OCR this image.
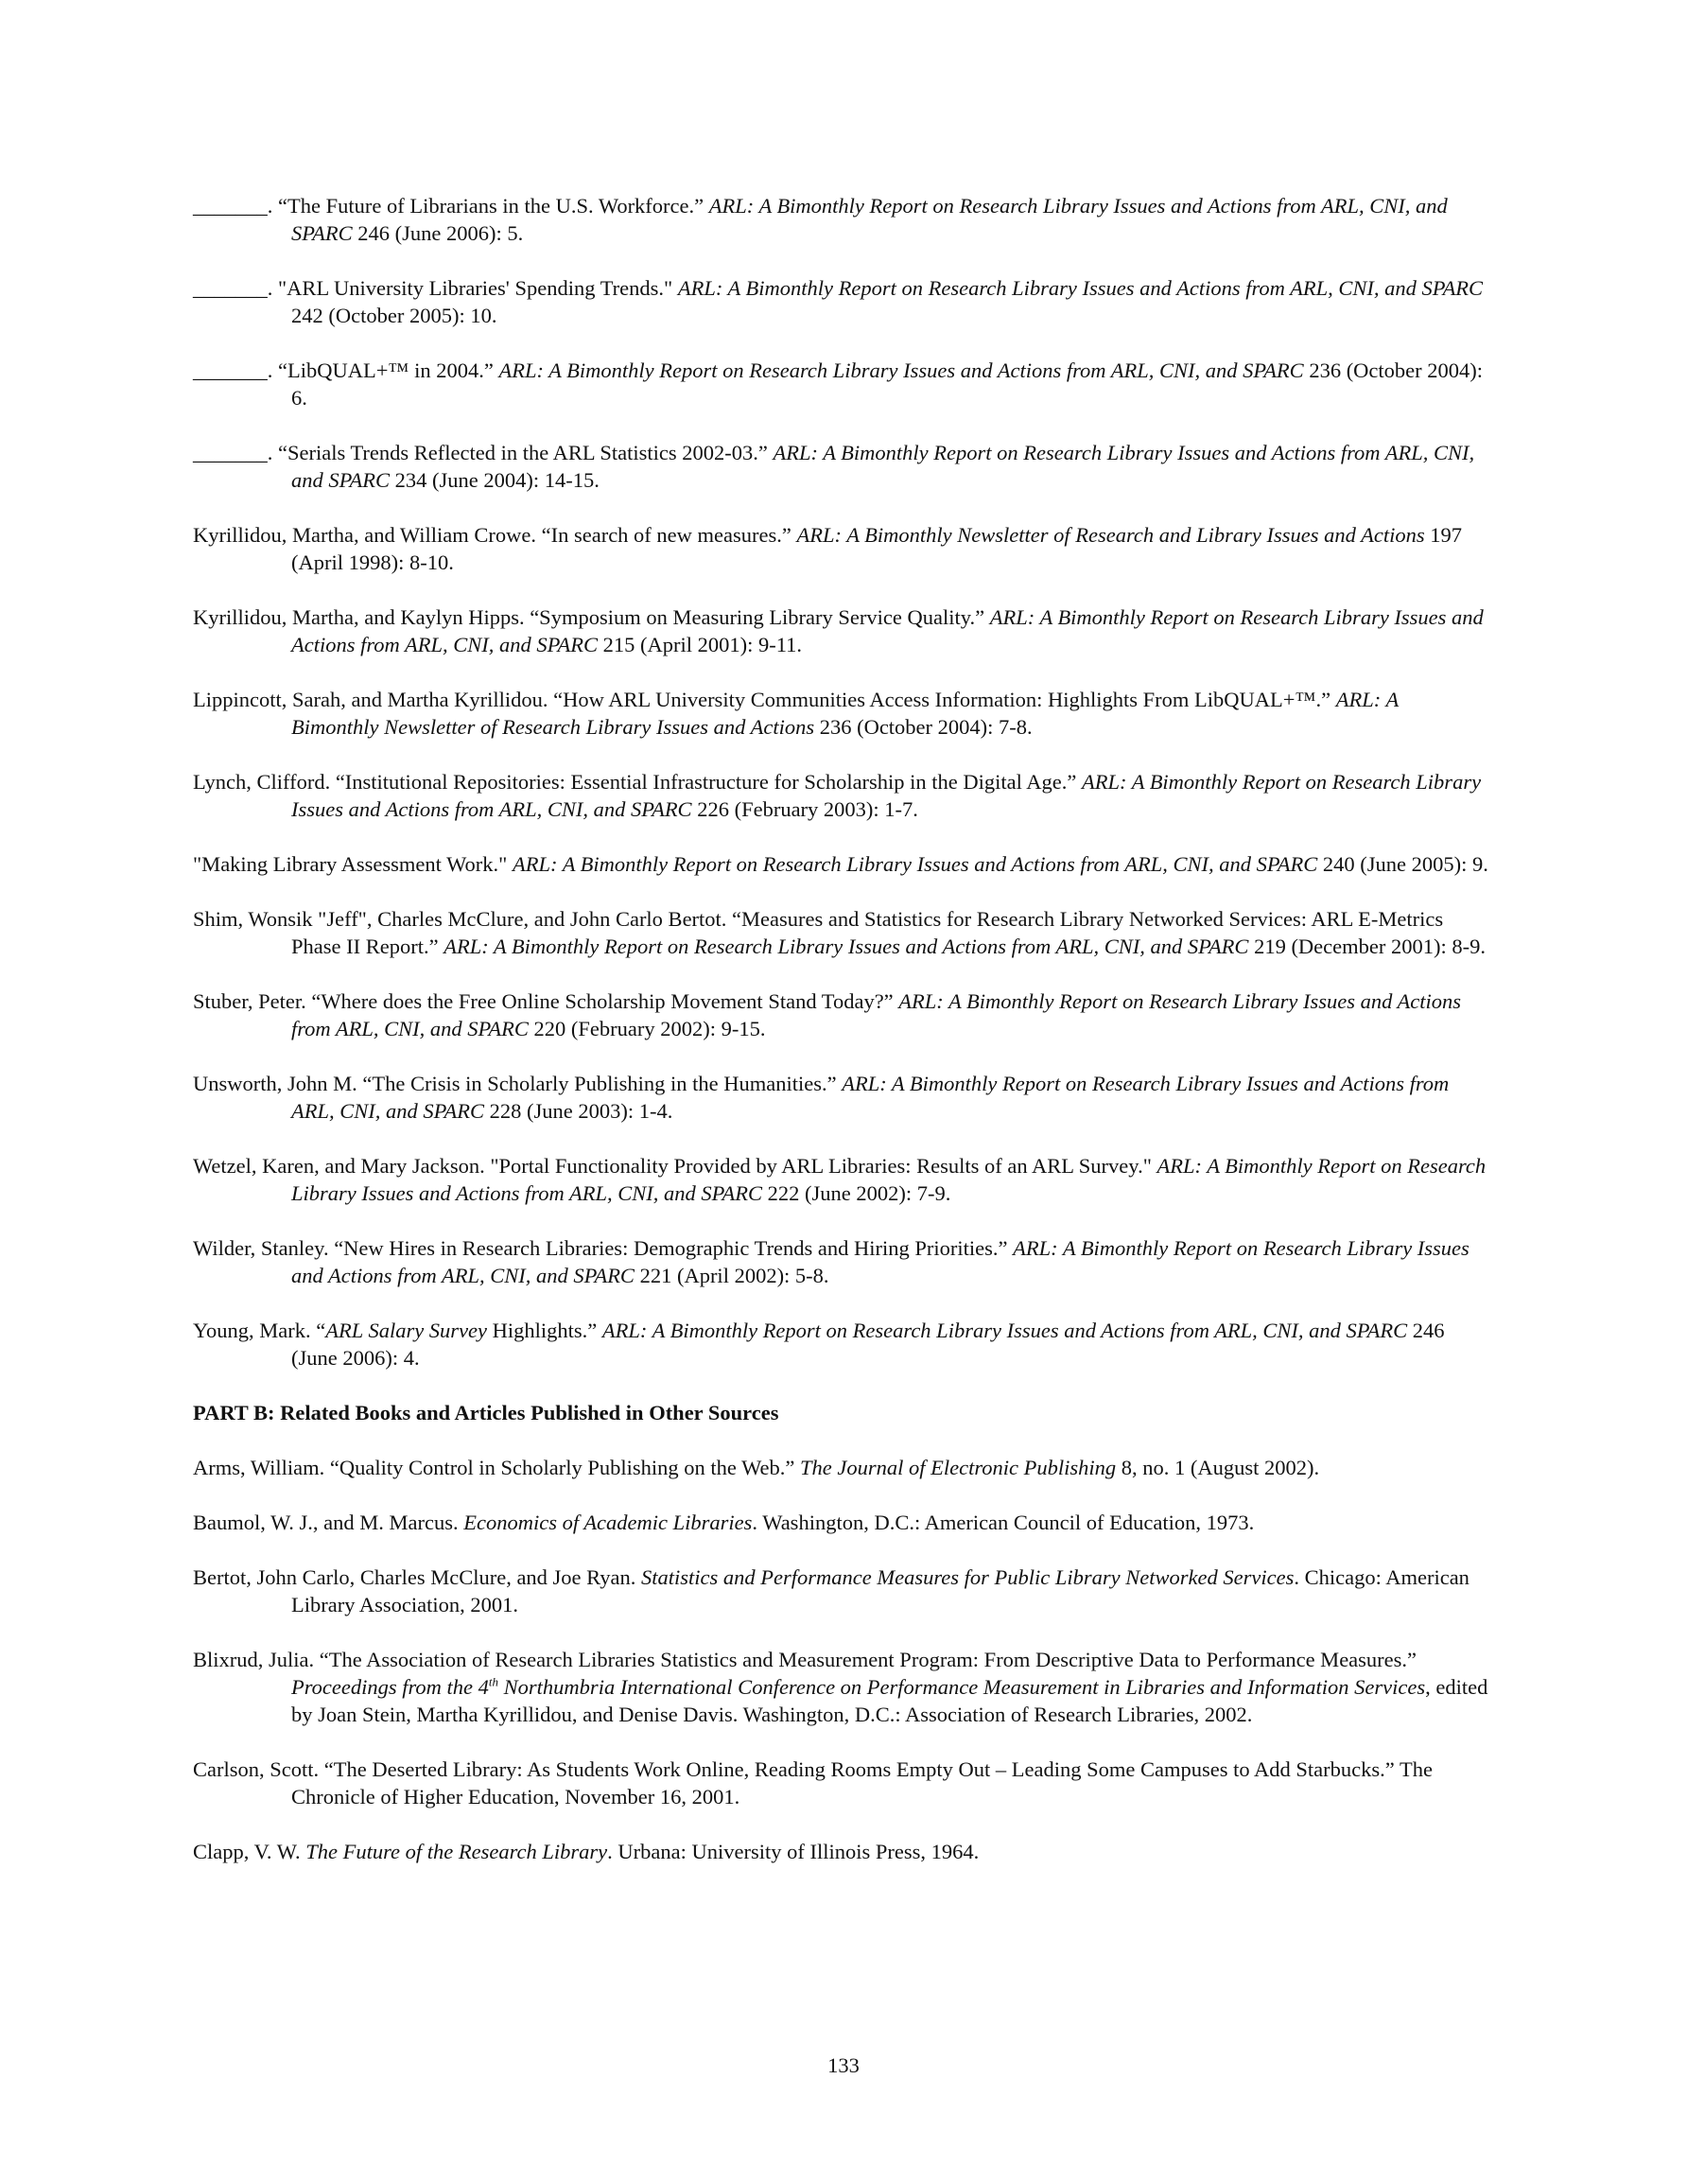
_______. “The Future of Librarians in the U.S. Workforce.” ARL: A Bimonthly Report on Research Library Issues and Actions from ARL, CNI, and SPARC 246 (June 2006): 5.

_______. "ARL University Libraries' Spending Trends." ARL: A Bimonthly Report on Research Library Issues and Actions from ARL, CNI, and SPARC 242 (October 2005): 10.

_______. “LibQUAL+™ in 2004.” ARL: A Bimonthly Report on Research Library Issues and Actions from ARL, CNI, and SPARC 236 (October 2004): 6.

_______. “Serials Trends Reflected in the ARL Statistics 2002-03.” ARL: A Bimonthly Report on Research Library Issues and Actions from ARL, CNI, and SPARC 234 (June 2004): 14-15.

Kyrillidou, Martha, and William Crowe. “In search of new measures.” ARL: A Bimonthly Newsletter of Research and Library Issues and Actions 197 (April 1998): 8-10.

Kyrillidou, Martha, and Kaylyn Hipps. “Symposium on Measuring Library Service Quality.” ARL: A Bimonthly Report on Research Library Issues and Actions from ARL, CNI, and SPARC 215 (April 2001): 9-11.

Lippincott, Sarah, and Martha Kyrillidou. “How ARL University Communities Access Information: Highlights From LibQUAL+™.” ARL: A Bimonthly Newsletter of Research Library Issues and Actions 236 (October 2004): 7-8.

Lynch, Clifford. “Institutional Repositories: Essential Infrastructure for Scholarship in the Digital Age.” ARL: A Bimonthly Report on Research Library Issues and Actions from ARL, CNI, and SPARC 226 (February 2003): 1-7.

"Making Library Assessment Work." ARL: A Bimonthly Report on Research Library Issues and Actions from ARL, CNI, and SPARC 240 (June 2005): 9.

Shim, Wonsik "Jeff", Charles McClure, and John Carlo Bertot. “Measures and Statistics for Research Library Networked Services: ARL E-Metrics Phase II Report.” ARL: A Bimonthly Report on Research Library Issues and Actions from ARL, CNI, and SPARC 219 (December 2001): 8-9.

Stuber, Peter. “Where does the Free Online Scholarship Movement Stand Today?” ARL: A Bimonthly Report on Research Library Issues and Actions from ARL, CNI, and SPARC 220 (February 2002): 9-15.

Unsworth, John M. “The Crisis in Scholarly Publishing in the Humanities.” ARL: A Bimonthly Report on Research Library Issues and Actions from ARL, CNI, and SPARC 228 (June 2003): 1-4.

Wetzel, Karen, and Mary Jackson. "Portal Functionality Provided by ARL Libraries: Results of an ARL Survey." ARL: A Bimonthly Report on Research Library Issues and Actions from ARL, CNI, and SPARC 222 (June 2002): 7-9.

Wilder, Stanley. “New Hires in Research Libraries: Demographic Trends and Hiring Priorities.” ARL: A Bimonthly Report on Research Library Issues and Actions from ARL, CNI, and SPARC 221 (April 2002): 5-8.

Young, Mark. “ARL Salary Survey Highlights.” ARL: A Bimonthly Report on Research Library Issues and Actions from ARL, CNI, and SPARC 246 (June 2006): 4.

PART B: Related Books and Articles Published in Other Sources

Arms, William. “Quality Control in Scholarly Publishing on the Web.” The Journal of Electronic Publishing 8, no. 1 (August 2002).

Baumol, W. J., and M. Marcus. Economics of Academic Libraries. Washington, D.C.: American Council of Education, 1973.

Bertot, John Carlo, Charles McClure, and Joe Ryan. Statistics and Performance Measures for Public Library Networked Services. Chicago: American Library Association, 2001.

Blixrud, Julia. “The Association of Research Libraries Statistics and Measurement Program: From Descriptive Data to Performance Measures.” Proceedings from the 4th Northumbria International Conference on Performance Measurement in Libraries and Information Services, edited by Joan Stein, Martha Kyrillidou, and Denise Davis. Washington, D.C.: Association of Research Libraries, 2002.

Carlson, Scott. “The Deserted Library: As Students Work Online, Reading Rooms Empty Out – Leading Some Campuses to Add Starbucks.” The Chronicle of Higher Education, November 16, 2001.

Clapp, V. W. The Future of the Research Library. Urbana: University of Illinois Press, 1964.

133
